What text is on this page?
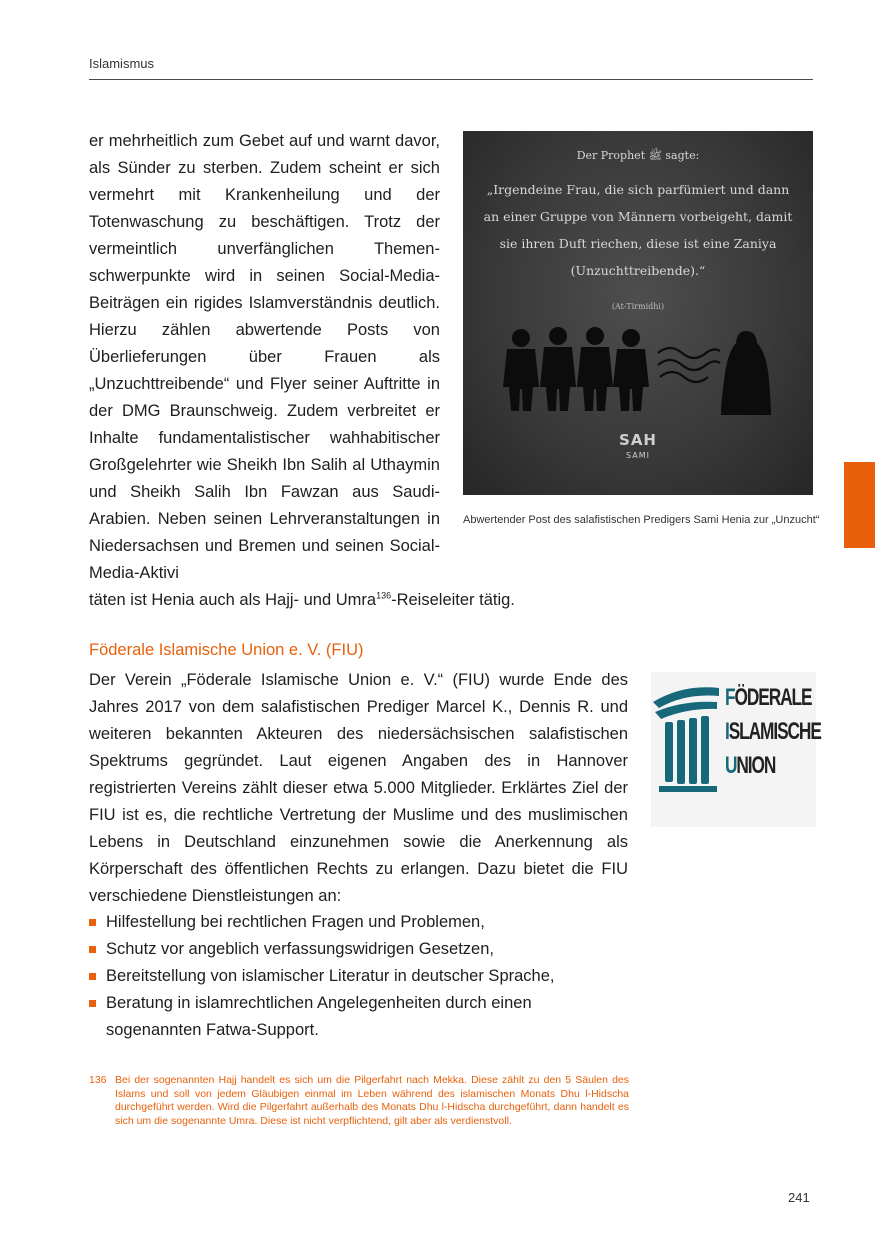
Islamismus

er mehrheitlich zum Gebet auf und warnt davor, als Sünder zu sterben. Zudem scheint er sich vermehrt mit Krankenheilung und der Totenwaschung zu beschäftigen. Trotz der vermeintlich unverfänglichen Themenschwerpunkte wird in seinen Social-Media-Beiträgen ein rigides Islamverständnis deutlich. Hierzu zählen abwertende Posts von Überlieferungen über Frauen als „Unzuchttreibende“ und Flyer seiner Auftritte in der DMG Braunschweig. Zudem verbreitet er Inhalte fundamentalistischer wahhabitischer Großgelehrter wie Sheikh Ibn Salih al Uthaymin und Sheikh Salih Ibn Fawzan aus Saudi-Arabien. Neben seinen Lehrveranstaltungen in Niedersachsen und Bremen und seinen Social-Media-Aktivi

täten ist Henia auch als Hajj- und Umra$^{136}$-Reiseleiter tätig.

Der Prophet ﷺ sagte:
„Irgendeine Frau, die sich parfümiert und dann an einer Gruppe von Männern vorbeigeht, damit sie ihren Duft riechen, diese ist eine Zaniya (Unzuchttreibende).“
(At-Tirmidhi)
SAH
SAMI
Abwertender Post des salafistischen Predigers Sami Henia zur „Unzucht“
Föderale Islamische Union e. V. (FIU)

Der Verein „Föderale Islamische Union e. V.“ (FIU) wurde Ende des Jahres 2017 von dem salafistischen Prediger Marcel K., Dennis R. und weiteren bekannten Akteuren des niedersächsischen salafistischen Spektrums gegründet. Laut eigenen Angaben des in Hannover registrierten Vereins zählt dieser etwa 5.000 Mitglieder. Erklärtes Ziel der FIU ist es, die rechtliche Vertretung der Muslime und des muslimischen Lebens in Deutschland einzunehmen sowie die Anerkennung als Körperschaft des öffentlichen Rechts zu erlangen. Dazu bietet die FIU verschiedene Dienstleistungen an:

Hilfestellung bei rechtlichen Fragen und Problemen,
Schutz vor angeblich verfassungswidrigen Gesetzen,
Bereitstellung von islamischer Literatur in deutscher Sprache,
Beratung in islamrechtlichen Angelegenheiten durch einen sogenannten Fatwa-Support.
FÖDERALE
ISLAMISCHE
UNION
136 Bei der sogenannten Hajj handelt es sich um die Pilgerfahrt nach Mekka. Diese zählt zu den 5 Säulen des Islams und soll von jedem Gläubigen einmal im Leben während des islamischen Monats Dhu l-Hidscha durchgeführt werden. Wird die Pilgerfahrt außerhalb des Monats Dhu l-Hidscha durchgeführt, dann handelt es sich um die sogenannte Umra. Diese ist nicht verpflichtend, gilt aber als verdienstvoll.
241
